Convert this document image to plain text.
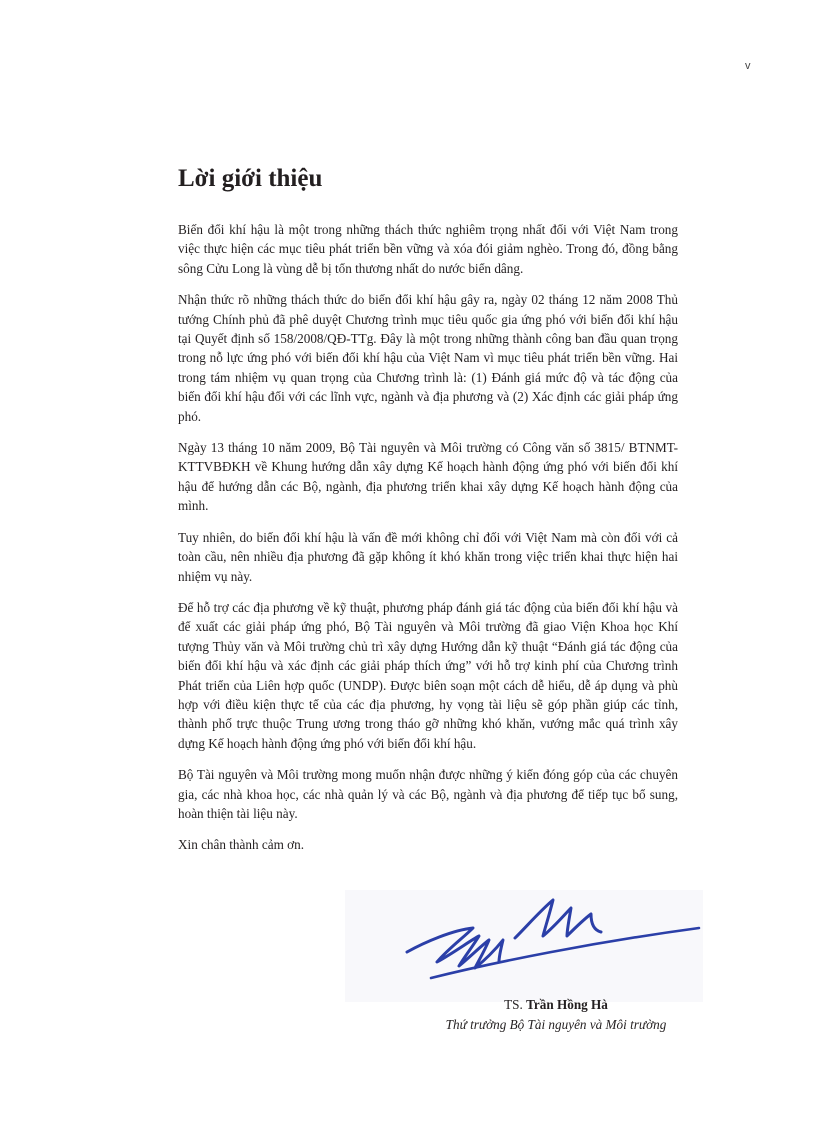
v
Lời giới thiệu

Biến đổi khí hậu là một trong những thách thức nghiêm trọng nhất đối với Việt Nam trong việc thực hiện các mục tiêu phát triển bền vững và xóa đói giảm nghèo. Trong đó, đồng bằng sông Cửu Long là vùng dễ bị tổn thương nhất do nước biển dâng.

Nhận thức rõ những thách thức do biến đổi khí hậu gây ra, ngày 02 tháng 12 năm 2008 Thủ tướng Chính phủ đã phê duyệt Chương trình mục tiêu quốc gia ứng phó với biến đổi khí hậu tại Quyết định số 158/2008/QĐ-TTg. Đây là một trong những thành công ban đầu quan trọng trong nỗ lực ứng phó với biến đổi khí hậu của Việt Nam vì mục tiêu phát triển bền vững. Hai trong tám nhiệm vụ quan trọng của Chương trình là: (1) Đánh giá mức độ và tác động của biến đổi khí hậu đối với các lĩnh vực, ngành và địa phương và (2) Xác định các giải pháp ứng phó.

Ngày 13 tháng 10 năm 2009, Bộ Tài nguyên và Môi trường có Công văn số 3815/ BTNMT-KTTVBĐKH về Khung hướng dẫn xây dựng Kế hoạch hành động ứng phó với biến đổi khí hậu để hướng dẫn các Bộ, ngành, địa phương triển khai xây dựng Kế hoạch hành động của mình.

Tuy nhiên, do biến đổi khí hậu là vấn đề mới không chỉ đối với Việt Nam mà còn đối với cả toàn cầu, nên nhiều địa phương đã gặp không ít khó khăn trong việc triển khai thực hiện hai nhiệm vụ này.

Để hỗ trợ các địa phương về kỹ thuật, phương pháp đánh giá tác động của biến đổi khí hậu và để xuất các giải pháp ứng phó, Bộ Tài nguyên và Môi trường đã giao Viện Khoa học Khí tượng Thủy văn và Môi trường chủ trì xây dựng Hướng dẫn kỹ thuật “Đánh giá tác động của biến đổi khí hậu và xác định các giải pháp thích ứng” với hỗ trợ kinh phí của Chương trình Phát triển của Liên hợp quốc (UNDP). Được biên soạn một cách dễ hiểu, dễ áp dụng và phù hợp với điều kiện thực tế của các địa phương, hy vọng tài liệu sẽ góp phần giúp các tỉnh, thành phố trực thuộc Trung ương trong tháo gỡ những khó khăn, vướng mắc quá trình xây dựng Kế hoạch hành động ứng phó với biến đổi khí hậu.

Bộ Tài nguyên và Môi trường mong muốn nhận được những ý kiến đóng góp của các chuyên gia, các nhà khoa học, các nhà quản lý và các Bộ, ngành và địa phương để tiếp tục bổ sung, hoàn thiện tài liệu này.

Xin chân thành cảm ơn.

TS. Trần Hồng Hà
Thứ trưởng Bộ Tài nguyên và Môi trường
